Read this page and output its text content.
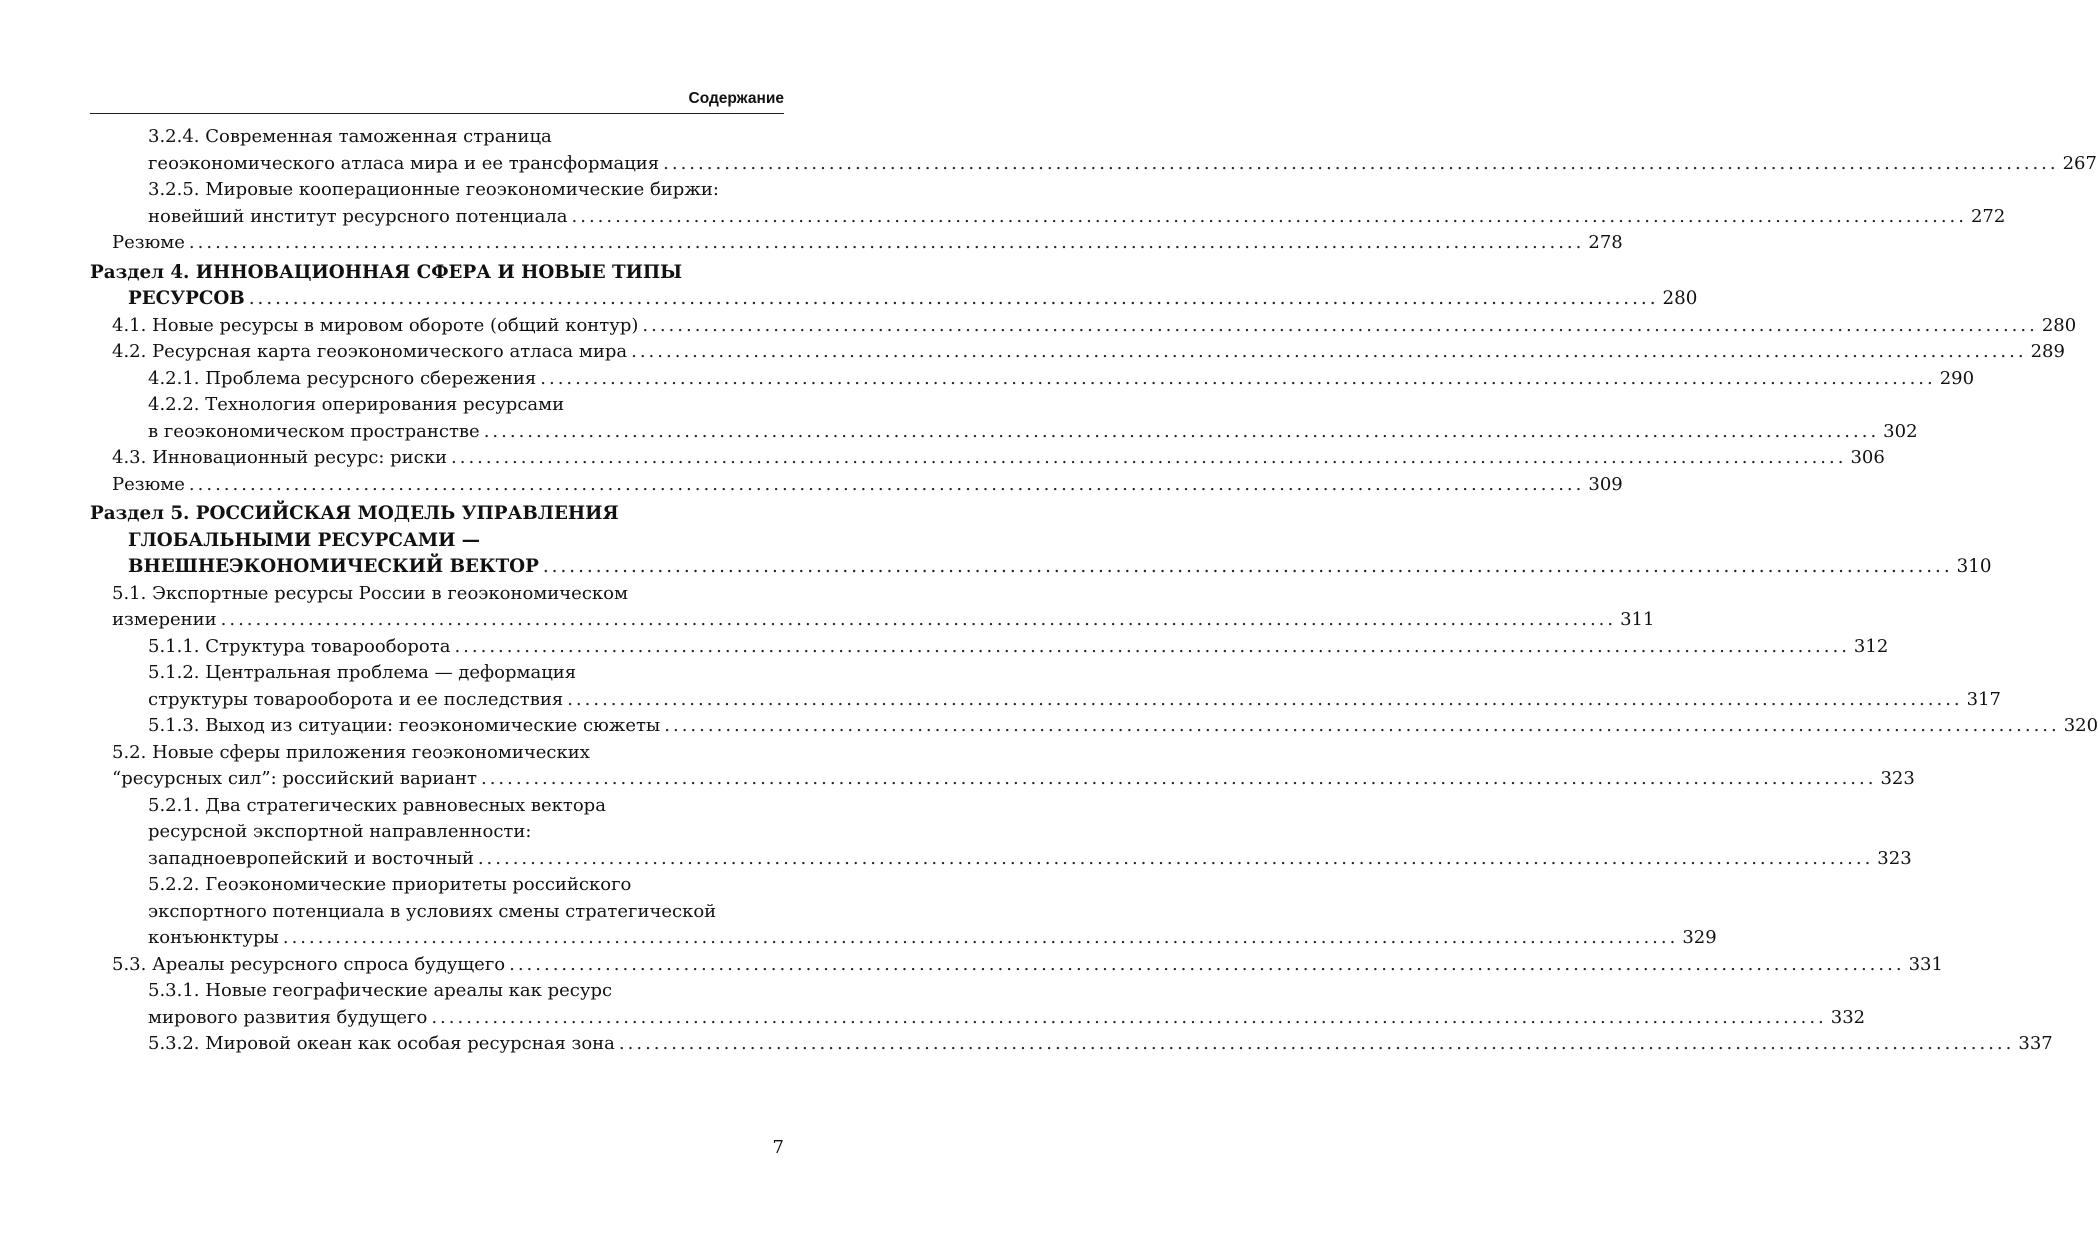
Содержание
3.2.4. Современная таможенная страница
геоэкономического атласа мира и ее трансформация ................................................................................................................................................................ 267
3.2.5. Мировые кооперационные геоэкономические биржи:
новейший институт ресурсного потенциала ................................................................................................................................................................ 272
Резюме ................................................................................................................................................................ 278
Раздел 4. ИННОВАЦИОННАЯ СФЕРА И НОВЫЕ ТИПЫ
РЕСУРСОВ ................................................................................................................................................................ 280
4.1. Новые ресурсы в мировом обороте (общий контур) ................................................................................................................................................................ 280
4.2. Ресурсная карта геоэкономического атласа мира ................................................................................................................................................................ 289
4.2.1. Проблема ресурсного сбережения ................................................................................................................................................................ 290
4.2.2. Технология оперирования ресурсами
в геоэкономическом пространстве ................................................................................................................................................................ 302
4.3. Инновационный ресурс: риски ................................................................................................................................................................ 306
Резюме ................................................................................................................................................................ 309
Раздел 5. РОССИЙСКАЯ МОДЕЛЬ УПРАВЛЕНИЯ
ГЛОБАЛЬНЫМИ РЕСУРСАМИ —
ВНЕШНЕЭКОНОМИЧЕСКИЙ ВЕКТОР ................................................................................................................................................................ 310
5.1. Экспортные ресурсы России в геоэкономическом
измерении ................................................................................................................................................................ 311
5.1.1. Структура товарооборота ................................................................................................................................................................ 312
5.1.2. Центральная проблема — деформация
структуры товарооборота и ее последствия ................................................................................................................................................................ 317
5.1.3. Выход из ситуации: геоэкономические сюжеты ................................................................................................................................................................ 320
5.2. Новые сферы приложения геоэкономических
“ресурсных сил”: российский вариант ................................................................................................................................................................ 323
5.2.1. Два стратегических равновесных вектора
ресурсной экспортной направленности:
западноевропейский и восточный ................................................................................................................................................................ 323
5.2.2. Геоэкономические приоритеты российского
экспортного потенциала в условиях смены стратегической
конъюнктуры ................................................................................................................................................................ 329
5.3. Ареалы ресурсного спроса будущего ................................................................................................................................................................ 331
5.3.1. Новые географические ареалы как ресурс
мирового развития будущего ................................................................................................................................................................ 332
5.3.2. Мировой океан как особая ресурсная зона ................................................................................................................................................................ 337
7
